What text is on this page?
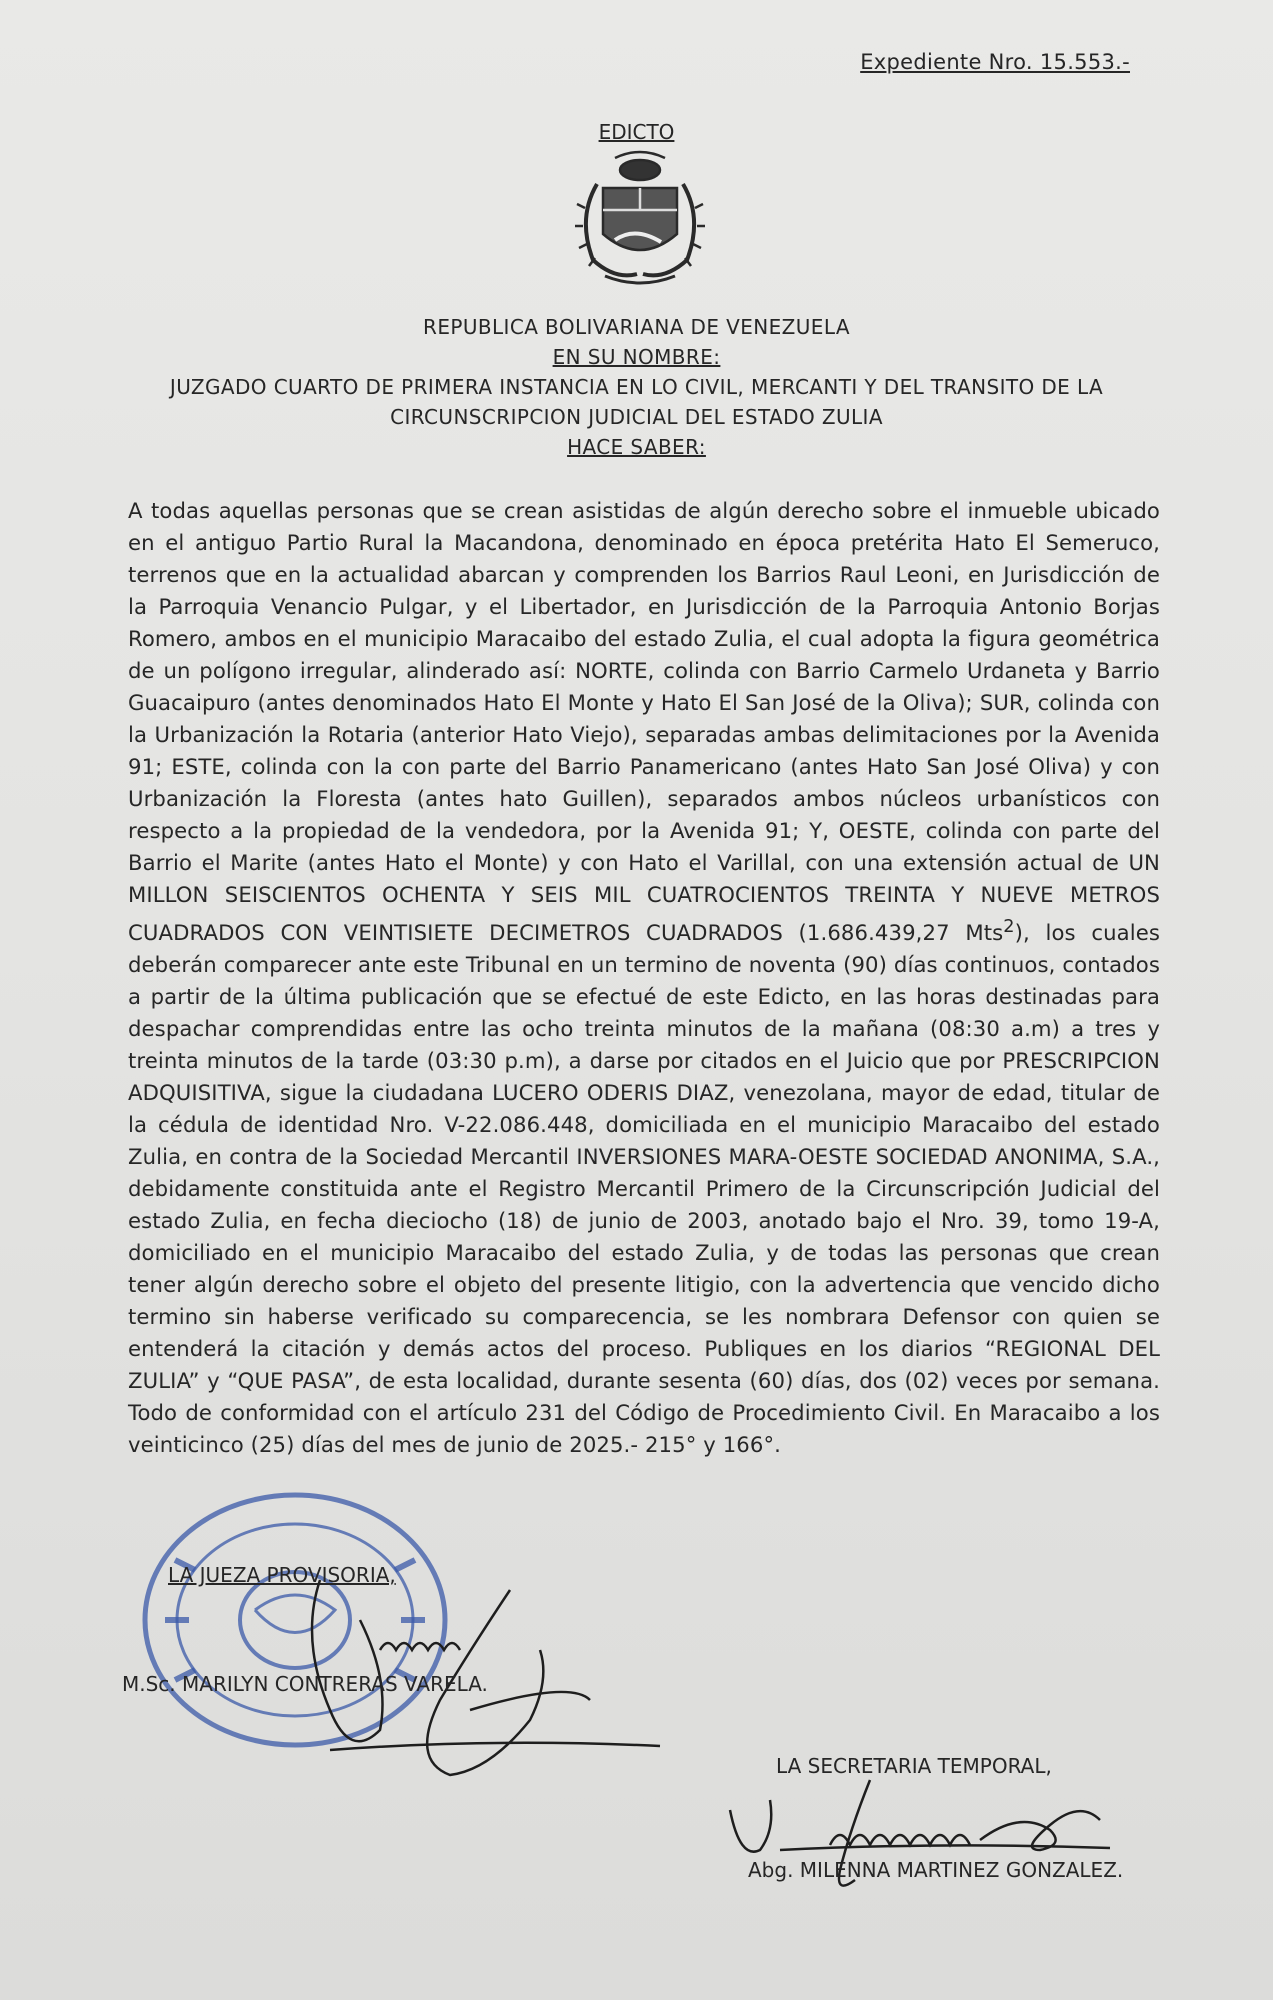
Expediente Nro. 15.553.-
EDICTO
REPUBLICA BOLIVARIANA DE VENEZUELA
EN SU NOMBRE:
JUZGADO CUARTO DE PRIMERA INSTANCIA EN LO CIVIL, MERCANTI Y DEL TRANSITO DE LA
CIRCUNSCRIPCION JUDICIAL DEL ESTADO ZULIA
HACE SABER:
A todas aquellas personas que se crean asistidas de algún derecho sobre el inmueble ubicado en el antiguo Partio Rural la Macandona, denominado en época pretérita Hato El Semeruco, terrenos que en la actualidad abarcan y comprenden los Barrios Raul Leoni, en Jurisdicción de la Parroquia Venancio Pulgar, y el Libertador, en Jurisdicción de la Parroquia Antonio Borjas Romero, ambos en el municipio Maracaibo del estado Zulia, el cual adopta la figura geométrica de un polígono irregular, alinderado así: NORTE, colinda con Barrio Carmelo Urdaneta y Barrio Guacaipuro (antes denominados Hato El Monte y Hato El San José de la Oliva); SUR, colinda con la Urbanización la Rotaria (anterior Hato Viejo), separadas ambas delimitaciones por la Avenida 91; ESTE, colinda con la con parte del Barrio Panamericano (antes Hato San José Oliva) y con Urbanización la Floresta (antes hato Guillen), separados ambos núcleos urbanísticos con respecto a la propiedad de la vendedora, por la Avenida 91; Y, OESTE, colinda con parte del Barrio el Marite (antes Hato el Monte) y con Hato el Varillal, con una extensión actual de UN MILLON SEISCIENTOS OCHENTA Y SEIS MIL CUATROCIENTOS TREINTA Y NUEVE METROS CUADRADOS CON VEINTISIETE DECIMETROS CUADRADOS (1.686.439,27 Mts$^2$), los cuales deberán comparecer ante este Tribunal en un termino de noventa (90) días continuos, contados a partir de la última publicación que se efectué de este Edicto, en las horas destinadas para despachar comprendidas entre las ocho treinta minutos de la mañana (08:30 a.m) a tres y treinta minutos de la tarde (03:30 p.m), a darse por citados en el Juicio que por PRESCRIPCION ADQUISITIVA, sigue la ciudadana LUCERO ODERIS DIAZ, venezolana, mayor de edad, titular de la cédula de identidad Nro. V-22.086.448, domiciliada en el municipio Maracaibo del estado Zulia, en contra de la Sociedad Mercantil INVERSIONES MARA-OESTE SOCIEDAD ANONIMA, S.A., debidamente constituida ante el Registro Mercantil Primero de la Circunscripción Judicial del estado Zulia, en fecha dieciocho (18) de junio de 2003, anotado bajo el Nro. 39, tomo 19-A, domiciliado en el municipio Maracaibo del estado Zulia, y de todas las personas que crean tener algún derecho sobre el objeto del presente litigio, con la advertencia que vencido dicho termino sin haberse verificado su comparecencia, se les nombrara Defensor con quien se entenderá la citación y demás actos del proceso. Publiques en los diarios “REGIONAL DEL ZULIA” y “QUE PASA”, de esta localidad, durante sesenta (60) días, dos (02) veces por semana. Todo de conformidad con el artículo 231 del Código de Procedimiento Civil. En Maracaibo a los veinticinco (25) días del mes de junio de 2025.- 215° y 166°.
LA JUEZA PROVISORIA,
M.Sc. MARILYN CONTRERAS VARELA.
LA SECRETARIA TEMPORAL,
Abg. MILENNA MARTINEZ GONZALEZ.
